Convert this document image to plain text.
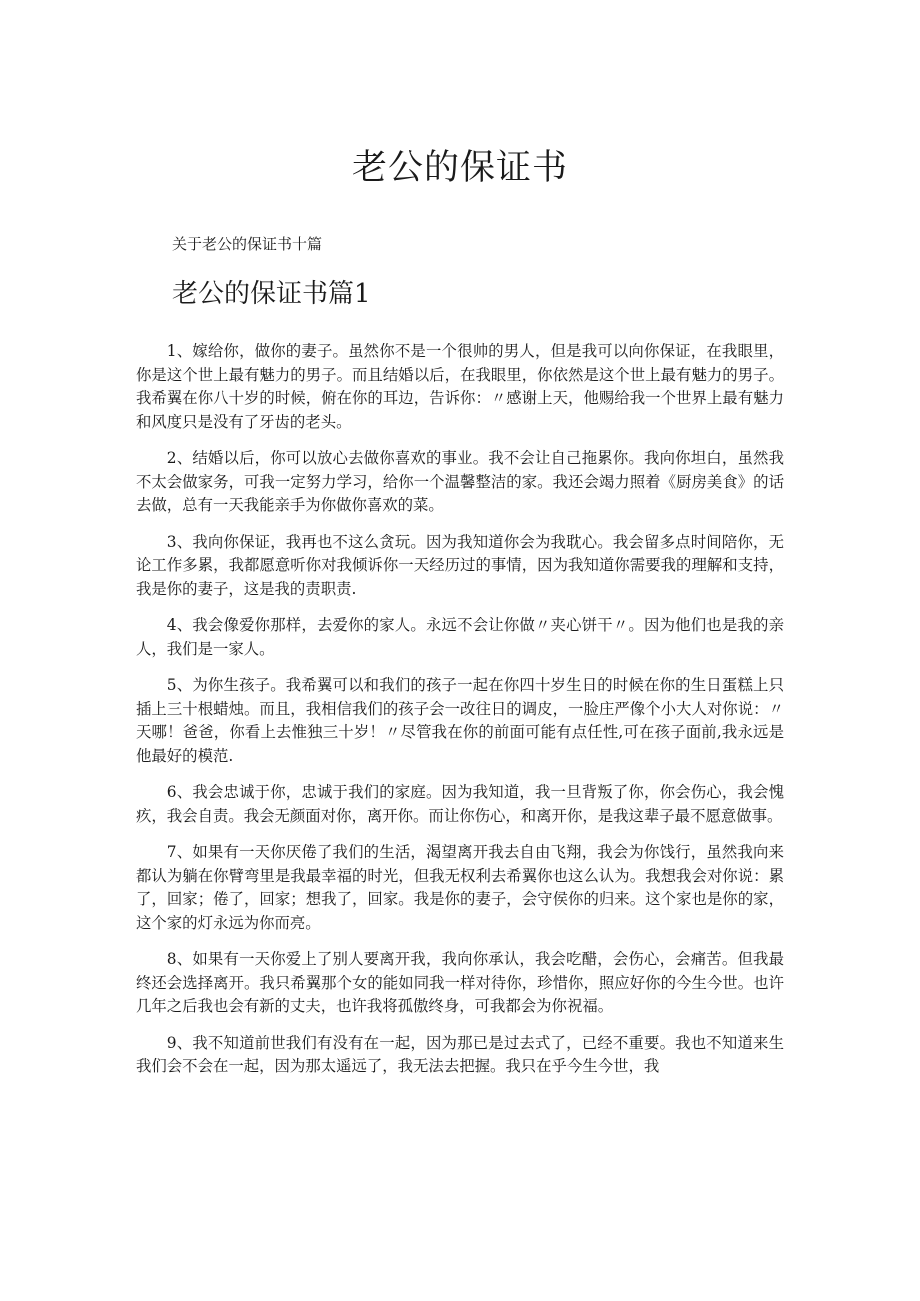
老公的保证书

关于老公的保证书十篇

老公的保证书篇1

1、嫁给你，做你的妻子。虽然你不是一个很帅的男人，但是我可以向你保证，在我眼里，你是这个世上最有魅力的男子。而且结婚以后，在我眼里，你依然是这个世上最有魅力的男子。我希翼在你八十岁的时候，俯在你的耳边，告诉你：〃感谢上天，他赐给我一个世界上最有魅力和风度只是没有了牙齿的老头。

2、结婚以后，你可以放心去做你喜欢的事业。我不会让自己拖累你。我向你坦白，虽然我不太会做家务，可我一定努力学习，给你一个温馨整洁的家。我还会竭力照着《厨房美食》的话去做，总有一天我能亲手为你做你喜欢的菜。

3、我向你保证，我再也不这么贪玩。因为我知道你会为我耽心。我会留多点时间陪你，无论工作多累，我都愿意听你对我倾诉你一天经历过的事情，因为我知道你需要我的理解和支持，我是你的妻子，这是我的责职责.

4、我会像爱你那样，去爱你的家人。永远不会让你做〃夹心饼干〃。因为他们也是我的亲人，我们是一家人。

5、为你生孩子。我希翼可以和我们的孩子一起在你四十岁生日的时候在你的生日蛋糕上只插上三十根蜡烛。而且，我相信我们的孩子会一改往日的调皮，一脸庄严像个小大人对你说：〃天哪！爸爸，你看上去惟独三十岁！〃尽管我在你的前面可能有点任性,可在孩子面前,我永远是他最好的模范.

6、我会忠诚于你，忠诚于我们的家庭。因为我知道，我一旦背叛了你，你会伤心，我会愧疚，我会自责。我会无颜面对你，离开你。而让你伤心，和离开你，是我这辈子最不愿意做事。

7、如果有一天你厌倦了我们的生活，渴望离开我去自由飞翔，我会为你饯行，虽然我向来都认为躺在你臂弯里是我最幸福的时光，但我无权利去希翼你也这么认为。我想我会对你说：累了，回家；倦了，回家；想我了，回家。我是你的妻子，会守侯你的归来。这个家也是你的家，这个家的灯永远为你而亮。

8、如果有一天你爱上了别人要离开我，我向你承认，我会吃醋，会伤心，会痛苦。但我最终还会选择离开。我只希翼那个女的能如同我一样对待你，珍惜你，照应好你的今生今世。也许几年之后我也会有新的丈夫，也许我将孤傲终身，可我都会为你祝福。

9、我不知道前世我们有没有在一起，因为那已是过去式了，已经不重要。我也不知道来生我们会不会在一起，因为那太遥远了，我无法去把握。我只在乎今生今世，我
